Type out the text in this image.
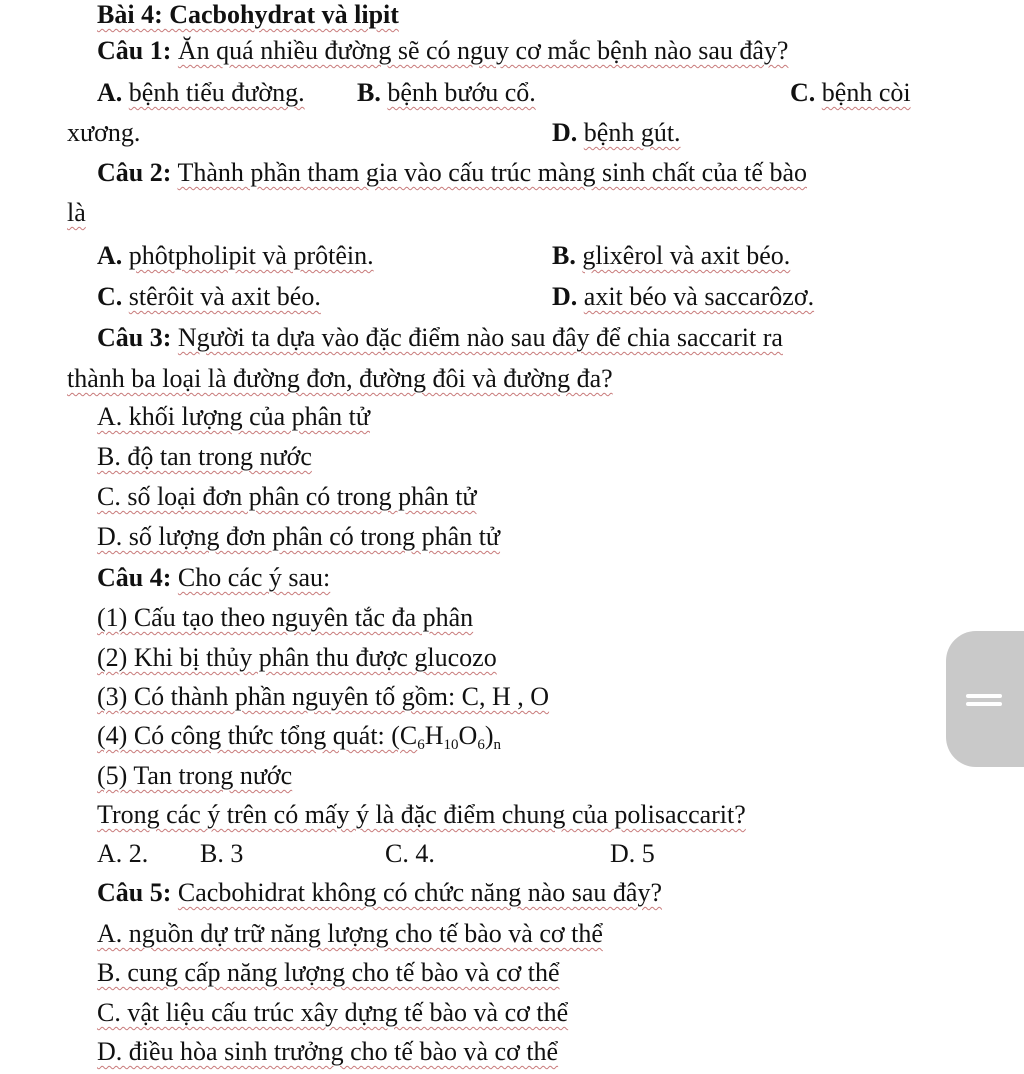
Bài 4: Cacbohydrat và lipit
Câu 1: Ăn quá nhiều đường sẽ có nguy cơ mắc bệnh nào sau đây?
A. bệnh tiểu đường. B. bệnh bướu cổ.	C. bệnh còi
xương.	D. bệnh gút.
Câu 2: Thành phần tham gia vào cấu trúc màng sinh chất của tế bào
là
A. phôtpholipit và prôtêin.	B. glixêrol và axit béo.
C. stêrôit và axit béo.	D. axit béo và saccarôzơ.
Câu 3: Người ta dựa vào đặc điểm nào sau đây để chia saccarit ra
thành ba loại là đường đơn, đường đôi và đường đa?
A. khối lượng của phân tử
B. độ tan trong nước
C. số loại đơn phân có trong phân tử
D. số lượng đơn phân có trong phân tử
Câu 4: Cho các ý sau:
(1) Cấu tạo theo nguyên tắc đa phân
(2) Khi bị thủy phân thu được glucozo
(3) Có thành phần nguyên tố gồm: C, H , O
(4) Có công thức tổng quát: $(C_6H_{10}O_6)_n$
(5) Tan trong nước
Trong các ý trên có mấy ý là đặc điểm chung của polisaccarit?
A. 2. B. 3	C. 4.	D. 5
Câu 5: Cacbohidrat không có chức năng nào sau đây?
A. nguồn dự trữ năng lượng cho tế bào và cơ thể
B. cung cấp năng lượng cho tế bào và cơ thể
C. vật liệu cấu trúc xây dựng tế bào và cơ thể
D. điều hòa sinh trưởng cho tế bào và cơ thể
